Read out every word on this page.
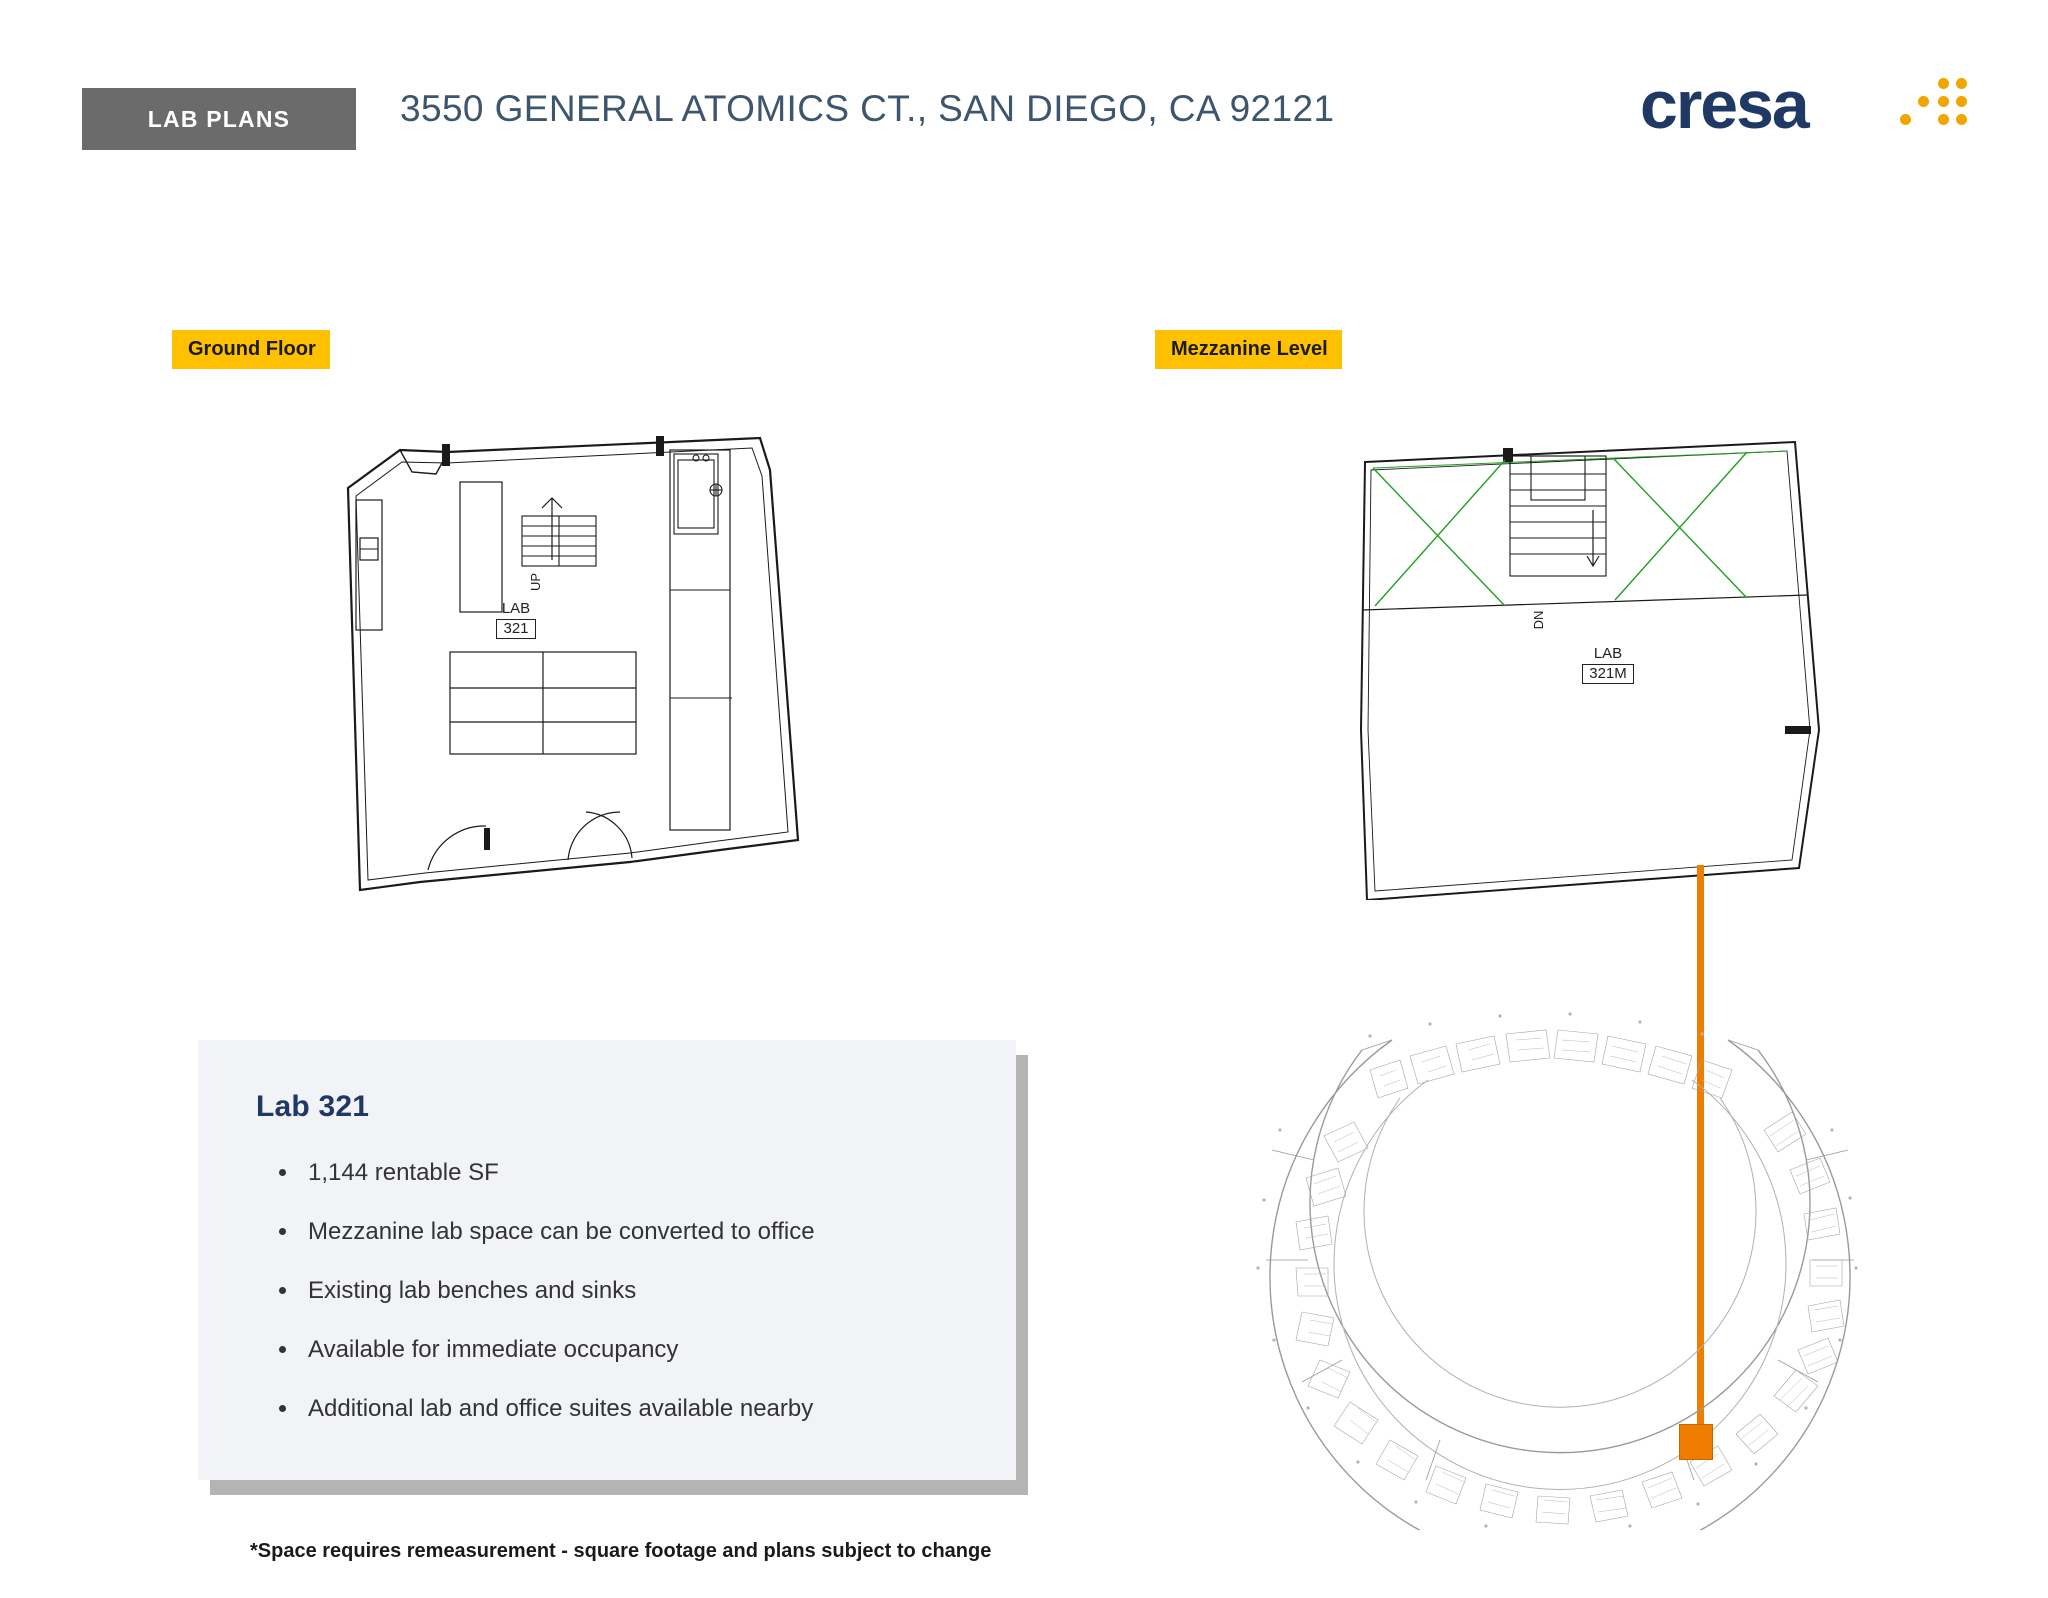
LAB PLANS	3550 GENERAL ATOMICS CT., SAN DIEGO, CA 92121	cresa
Ground Floor	Mezzanine Level
UP
LAB
321	DN
LAB
321M
Lab 321
• 1,144 rentable SF
• Mezzanine lab space can be converted to office
• Existing lab benches and sinks
• Available for immediate occupancy
• Additional lab and office suites available nearby
*Space requires remeasurement - square footage and plans subject to change
